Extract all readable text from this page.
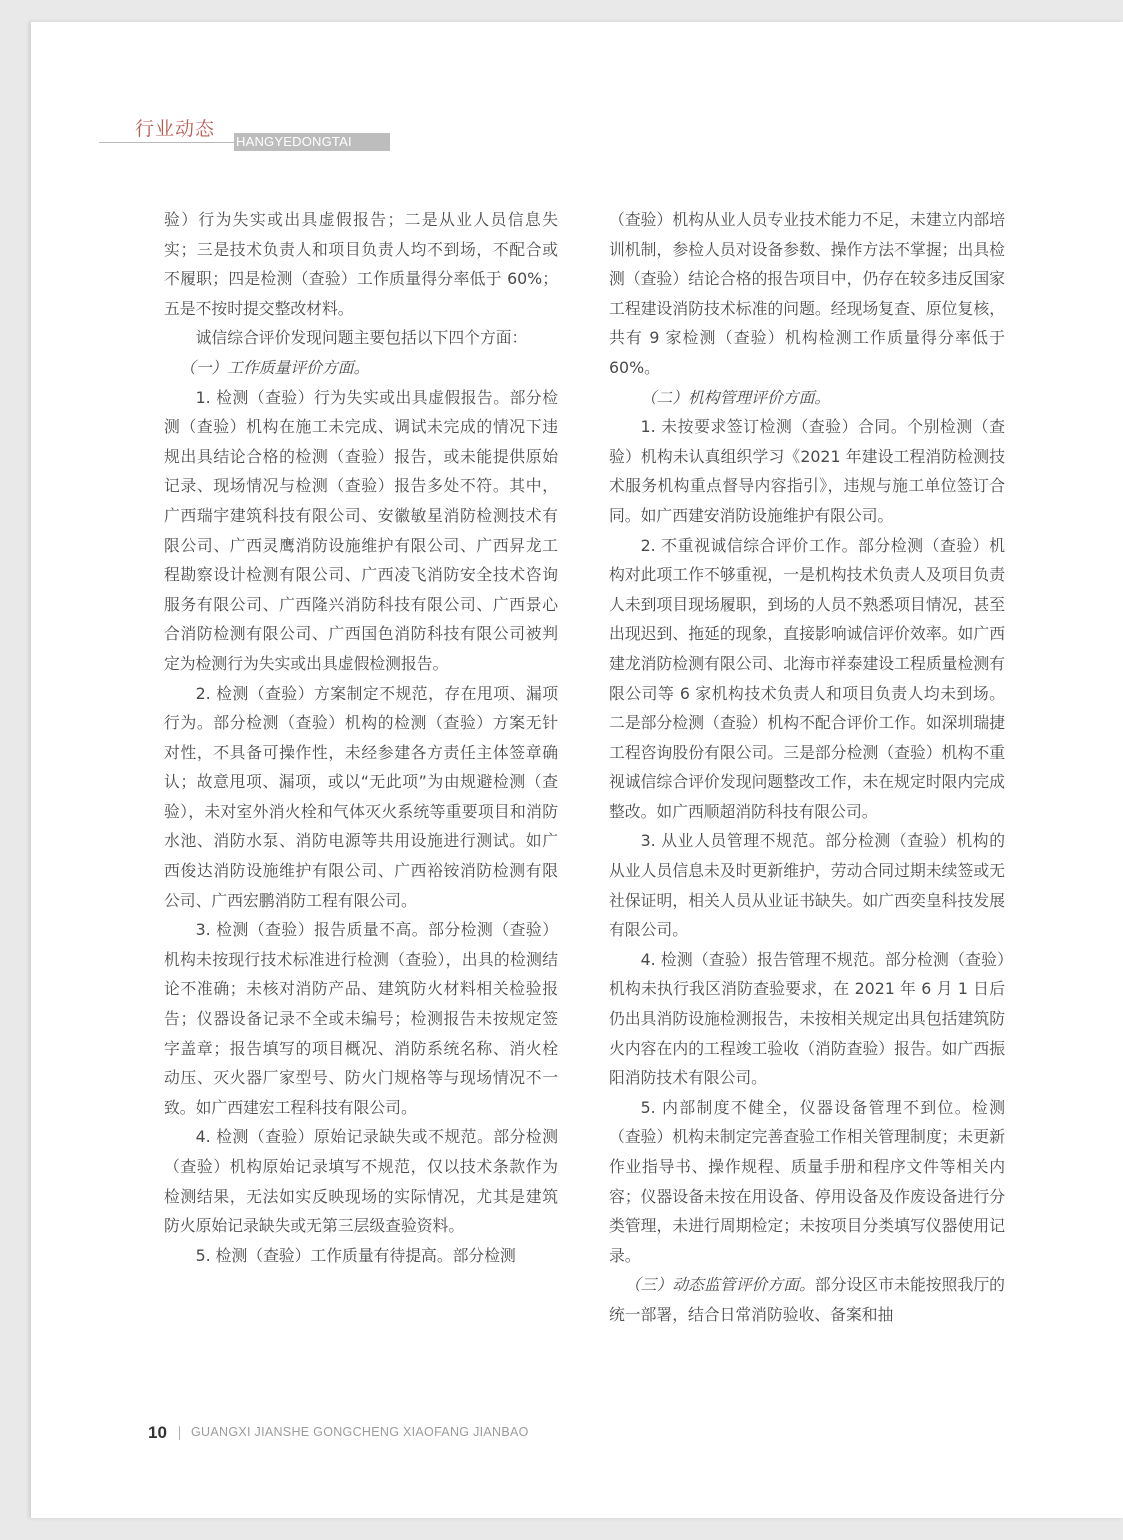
行业动态
HANGYEDONGTAI

验）行为失实或出具虚假报告；二是从业人员信息失实；三是技术负责人和项目负责人均不到场，不配合或不履职；四是检测（查验）工作质量得分率低于 60%；五是不按时提交整改材料。

诚信综合评价发现问题主要包括以下四个方面：

（一）工作质量评价方面。

1. 检测（查验）行为失实或出具虚假报告。部分检测（查验）机构在施工未完成、调试未完成的情况下违规出具结论合格的检测（查验）报告，或未能提供原始记录、现场情况与检测（查验）报告多处不符。其中，广西瑞宇建筑科技有限公司、安徽敏星消防检测技术有限公司、广西灵鹰消防设施维护有限公司、广西昇龙工程勘察设计检测有限公司、广西凌飞消防安全技术咨询服务有限公司、广西隆兴消防科技有限公司、广西景心合消防检测有限公司、广西国色消防科技有限公司被判定为检测行为失实或出具虚假检测报告。

2. 检测（查验）方案制定不规范，存在甩项、漏项行为。部分检测（查验）机构的检测（查验）方案无针对性，不具备可操作性，未经参建各方责任主体签章确认；故意甩项、漏项，或以“无此项”为由规避检测（查验），未对室外消火栓和气体灭火系统等重要项目和消防水池、消防水泵、消防电源等共用设施进行测试。如广西俊达消防设施维护有限公司、广西裕铵消防检测有限公司、广西宏鹏消防工程有限公司。

3. 检测（查验）报告质量不高。部分检测（查验）机构未按现行技术标准进行检测（查验），出具的检测结论不准确；未核对消防产品、建筑防火材料相关检验报告；仪器设备记录不全或未编号；检测报告未按规定签字盖章；报告填写的项目概况、消防系统名称、消火栓动压、灭火器厂家型号、防火门规格等与现场情况不一致。如广西建宏工程科技有限公司。

4. 检测（查验）原始记录缺失或不规范。部分检测（查验）机构原始记录填写不规范，仅以技术条款作为检测结果，无法如实反映现场的实际情况，尤其是建筑防火原始记录缺失或无第三层级查验资料。

5. 检测（查验）工作质量有待提高。部分检测

（查验）机构从业人员专业技术能力不足，未建立内部培训机制，参检人员对设备参数、操作方法不掌握；出具检测（查验）结论合格的报告项目中，仍存在较多违反国家工程建设消防技术标准的问题。经现场复查、原位复核，共有 9 家检测（查验）机构检测工作质量得分率低于 60%。

（二）机构管理评价方面。

1. 未按要求签订检测（查验）合同。个别检测（查验）机构未认真组织学习《2021 年建设工程消防检测技术服务机构重点督导内容指引》，违规与施工单位签订合同。如广西建安消防设施维护有限公司。

2. 不重视诚信综合评价工作。部分检测（查验）机构对此项工作不够重视，一是机构技术负责人及项目负责人未到项目现场履职，到场的人员不熟悉项目情况，甚至出现迟到、拖延的现象，直接影响诚信评价效率。如广西建龙消防检测有限公司、北海市祥泰建设工程质量检测有限公司等 6 家机构技术负责人和项目负责人均未到场。二是部分检测（查验）机构不配合评价工作。如深圳瑞捷工程咨询股份有限公司。三是部分检测（查验）机构不重视诚信综合评价发现问题整改工作，未在规定时限内完成整改。如广西顺超消防科技有限公司。

3. 从业人员管理不规范。部分检测（查验）机构的从业人员信息未及时更新维护，劳动合同过期未续签或无社保证明，相关人员从业证书缺失。如广西奕皇科技发展有限公司。

4. 检测（查验）报告管理不规范。部分检测（查验）机构未执行我区消防查验要求，在 2021 年 6 月 1 日后仍出具消防设施检测报告，未按相关规定出具包括建筑防火内容在内的工程竣工验收（消防查验）报告。如广西振阳消防技术有限公司。

5. 内部制度不健全，仪器设备管理不到位。检测（查验）机构未制定完善查验工作相关管理制度；未更新作业指导书、操作规程、质量手册和程序文件等相关内容；仪器设备未按在用设备、停用设备及作废设备进行分类管理，未进行周期检定；未按项目分类填写仪器使用记录。

（三）动态监管评价方面。部分设区市未能按照我厅的统一部署，结合日常消防验收、备案和抽

10 GUANGXI JIANSHE GONGCHENG XIAOFANG JIANBAO
